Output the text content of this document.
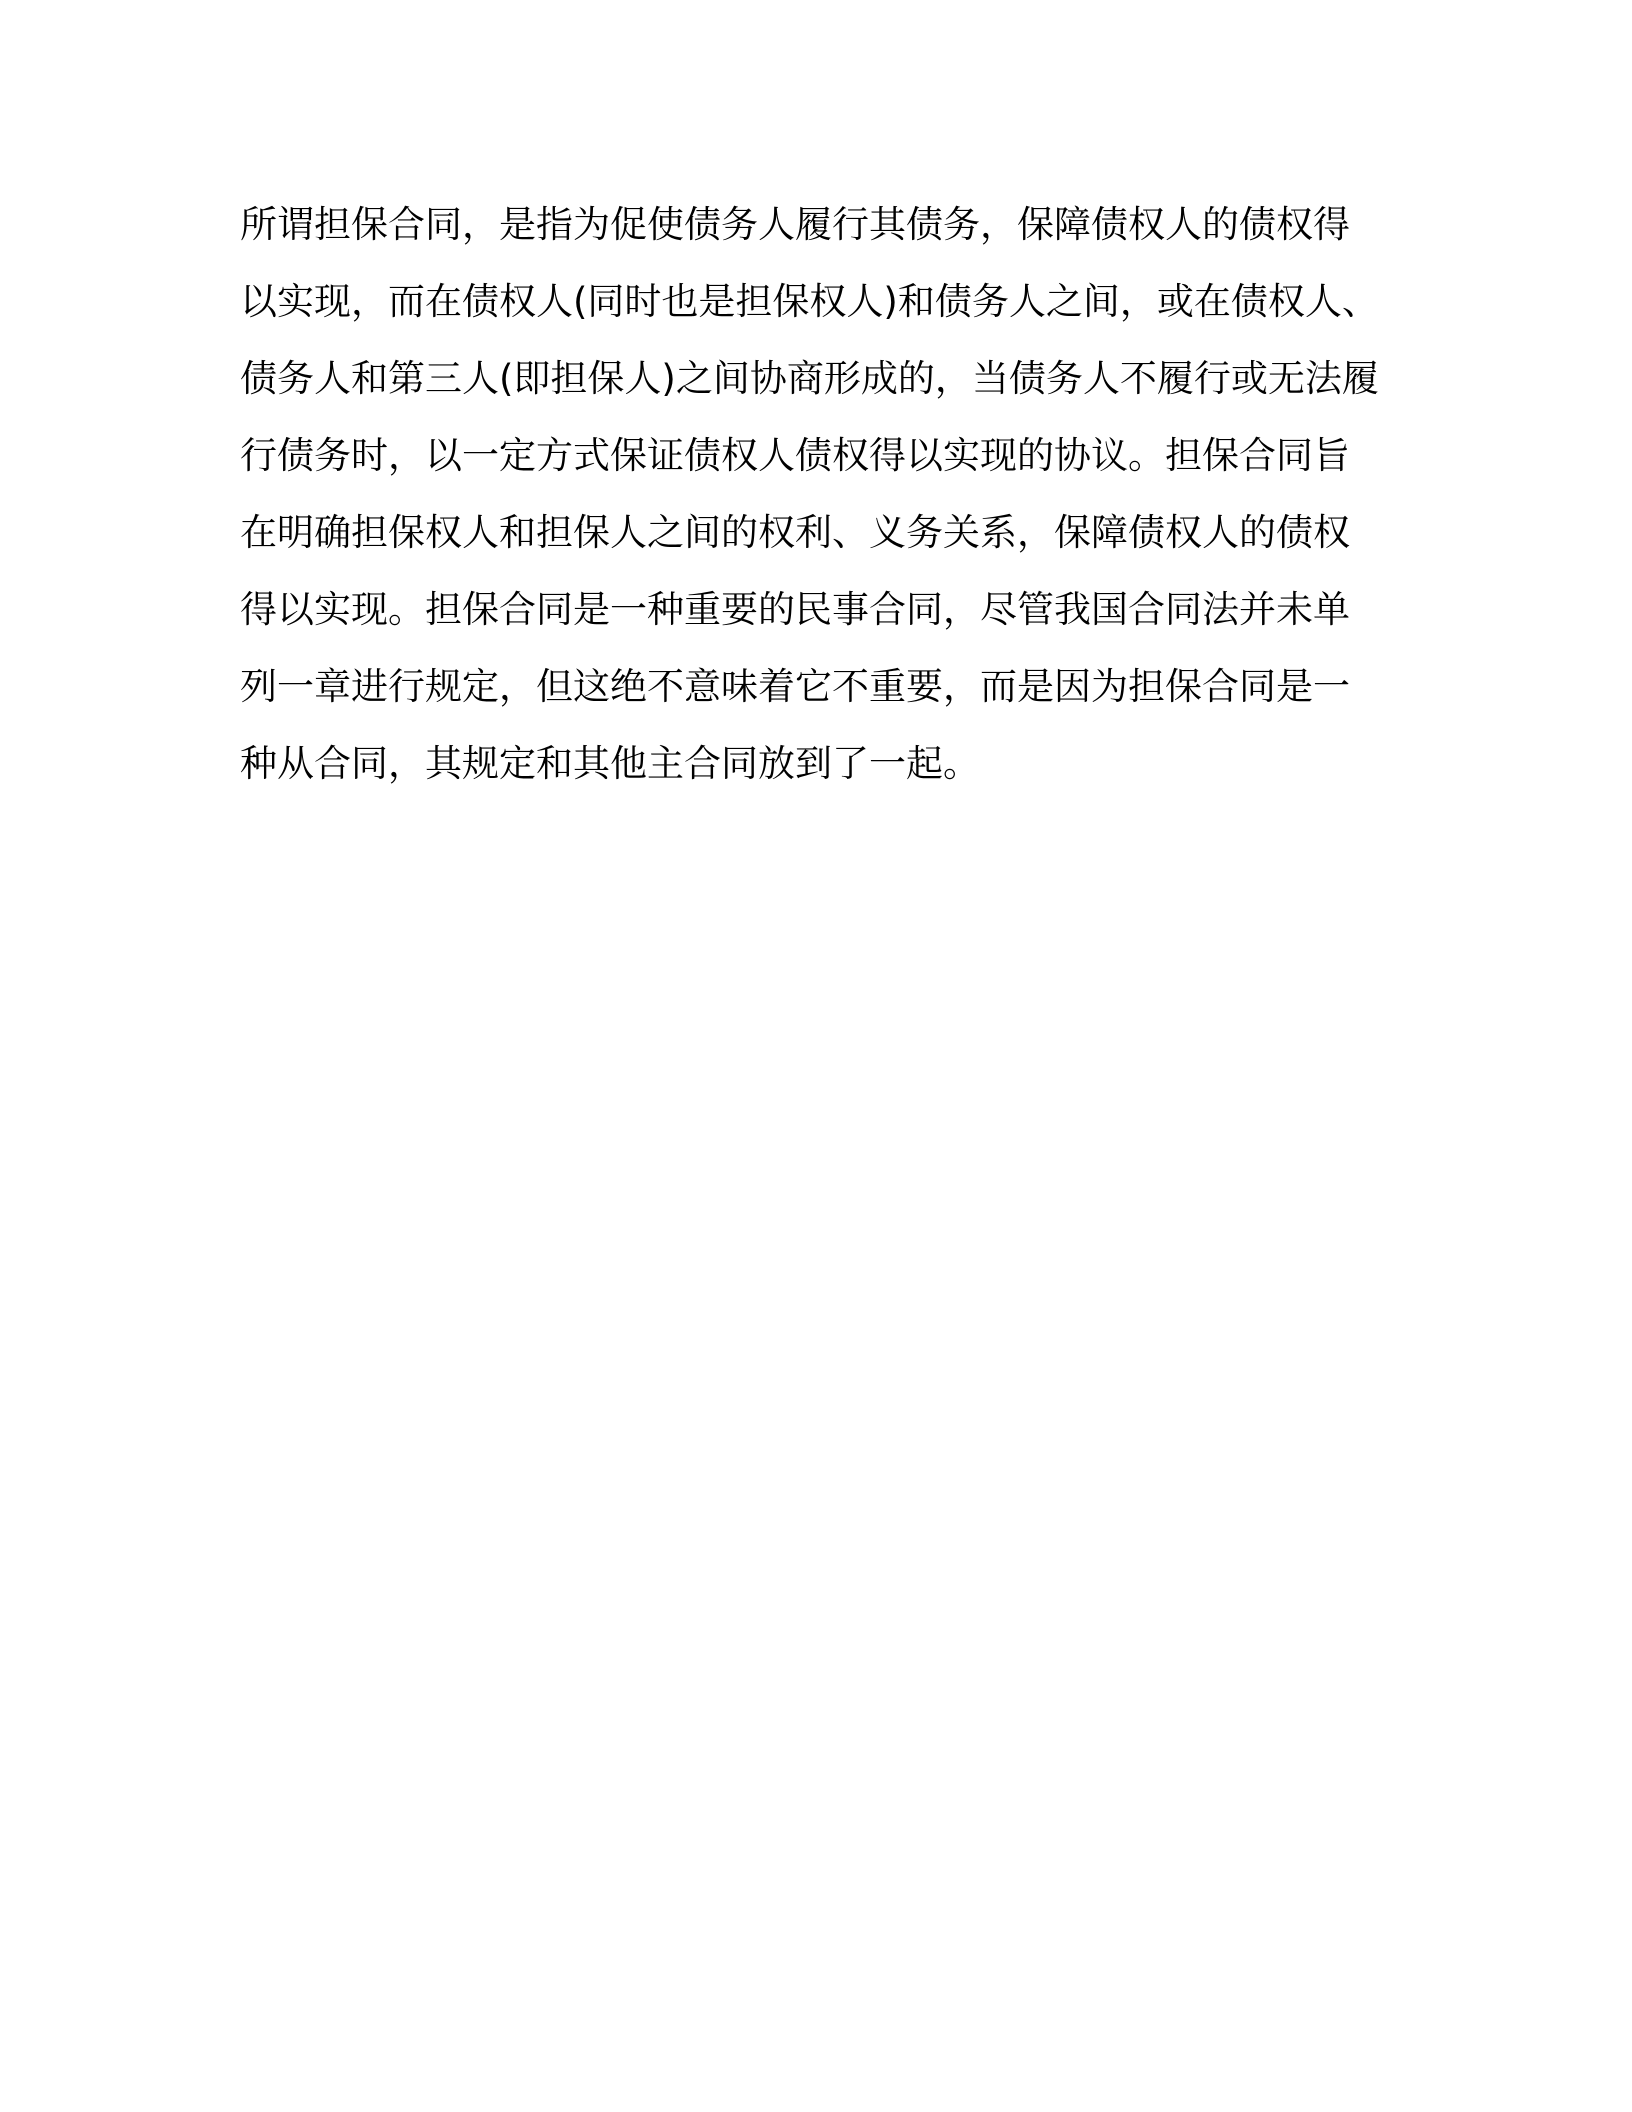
所谓担保合同，是指为促使债务人履行其债务，保障债权人的债权得
以实现，而在债权人(同时也是担保权人)和债务人之间，或在债权人、
债务人和第三人(即担保人)之间协商形成的，当债务人不履行或无法履
行债务时，以一定方式保证债权人债权得以实现的协议。担保合同旨
在明确担保权人和担保人之间的权利、义务关系，保障债权人的债权
得以实现。担保合同是一种重要的民事合同，尽管我国合同法并未单
列一章进行规定，但这绝不意味着它不重要，而是因为担保合同是一
种从合同，其规定和其他主合同放到了一起。
